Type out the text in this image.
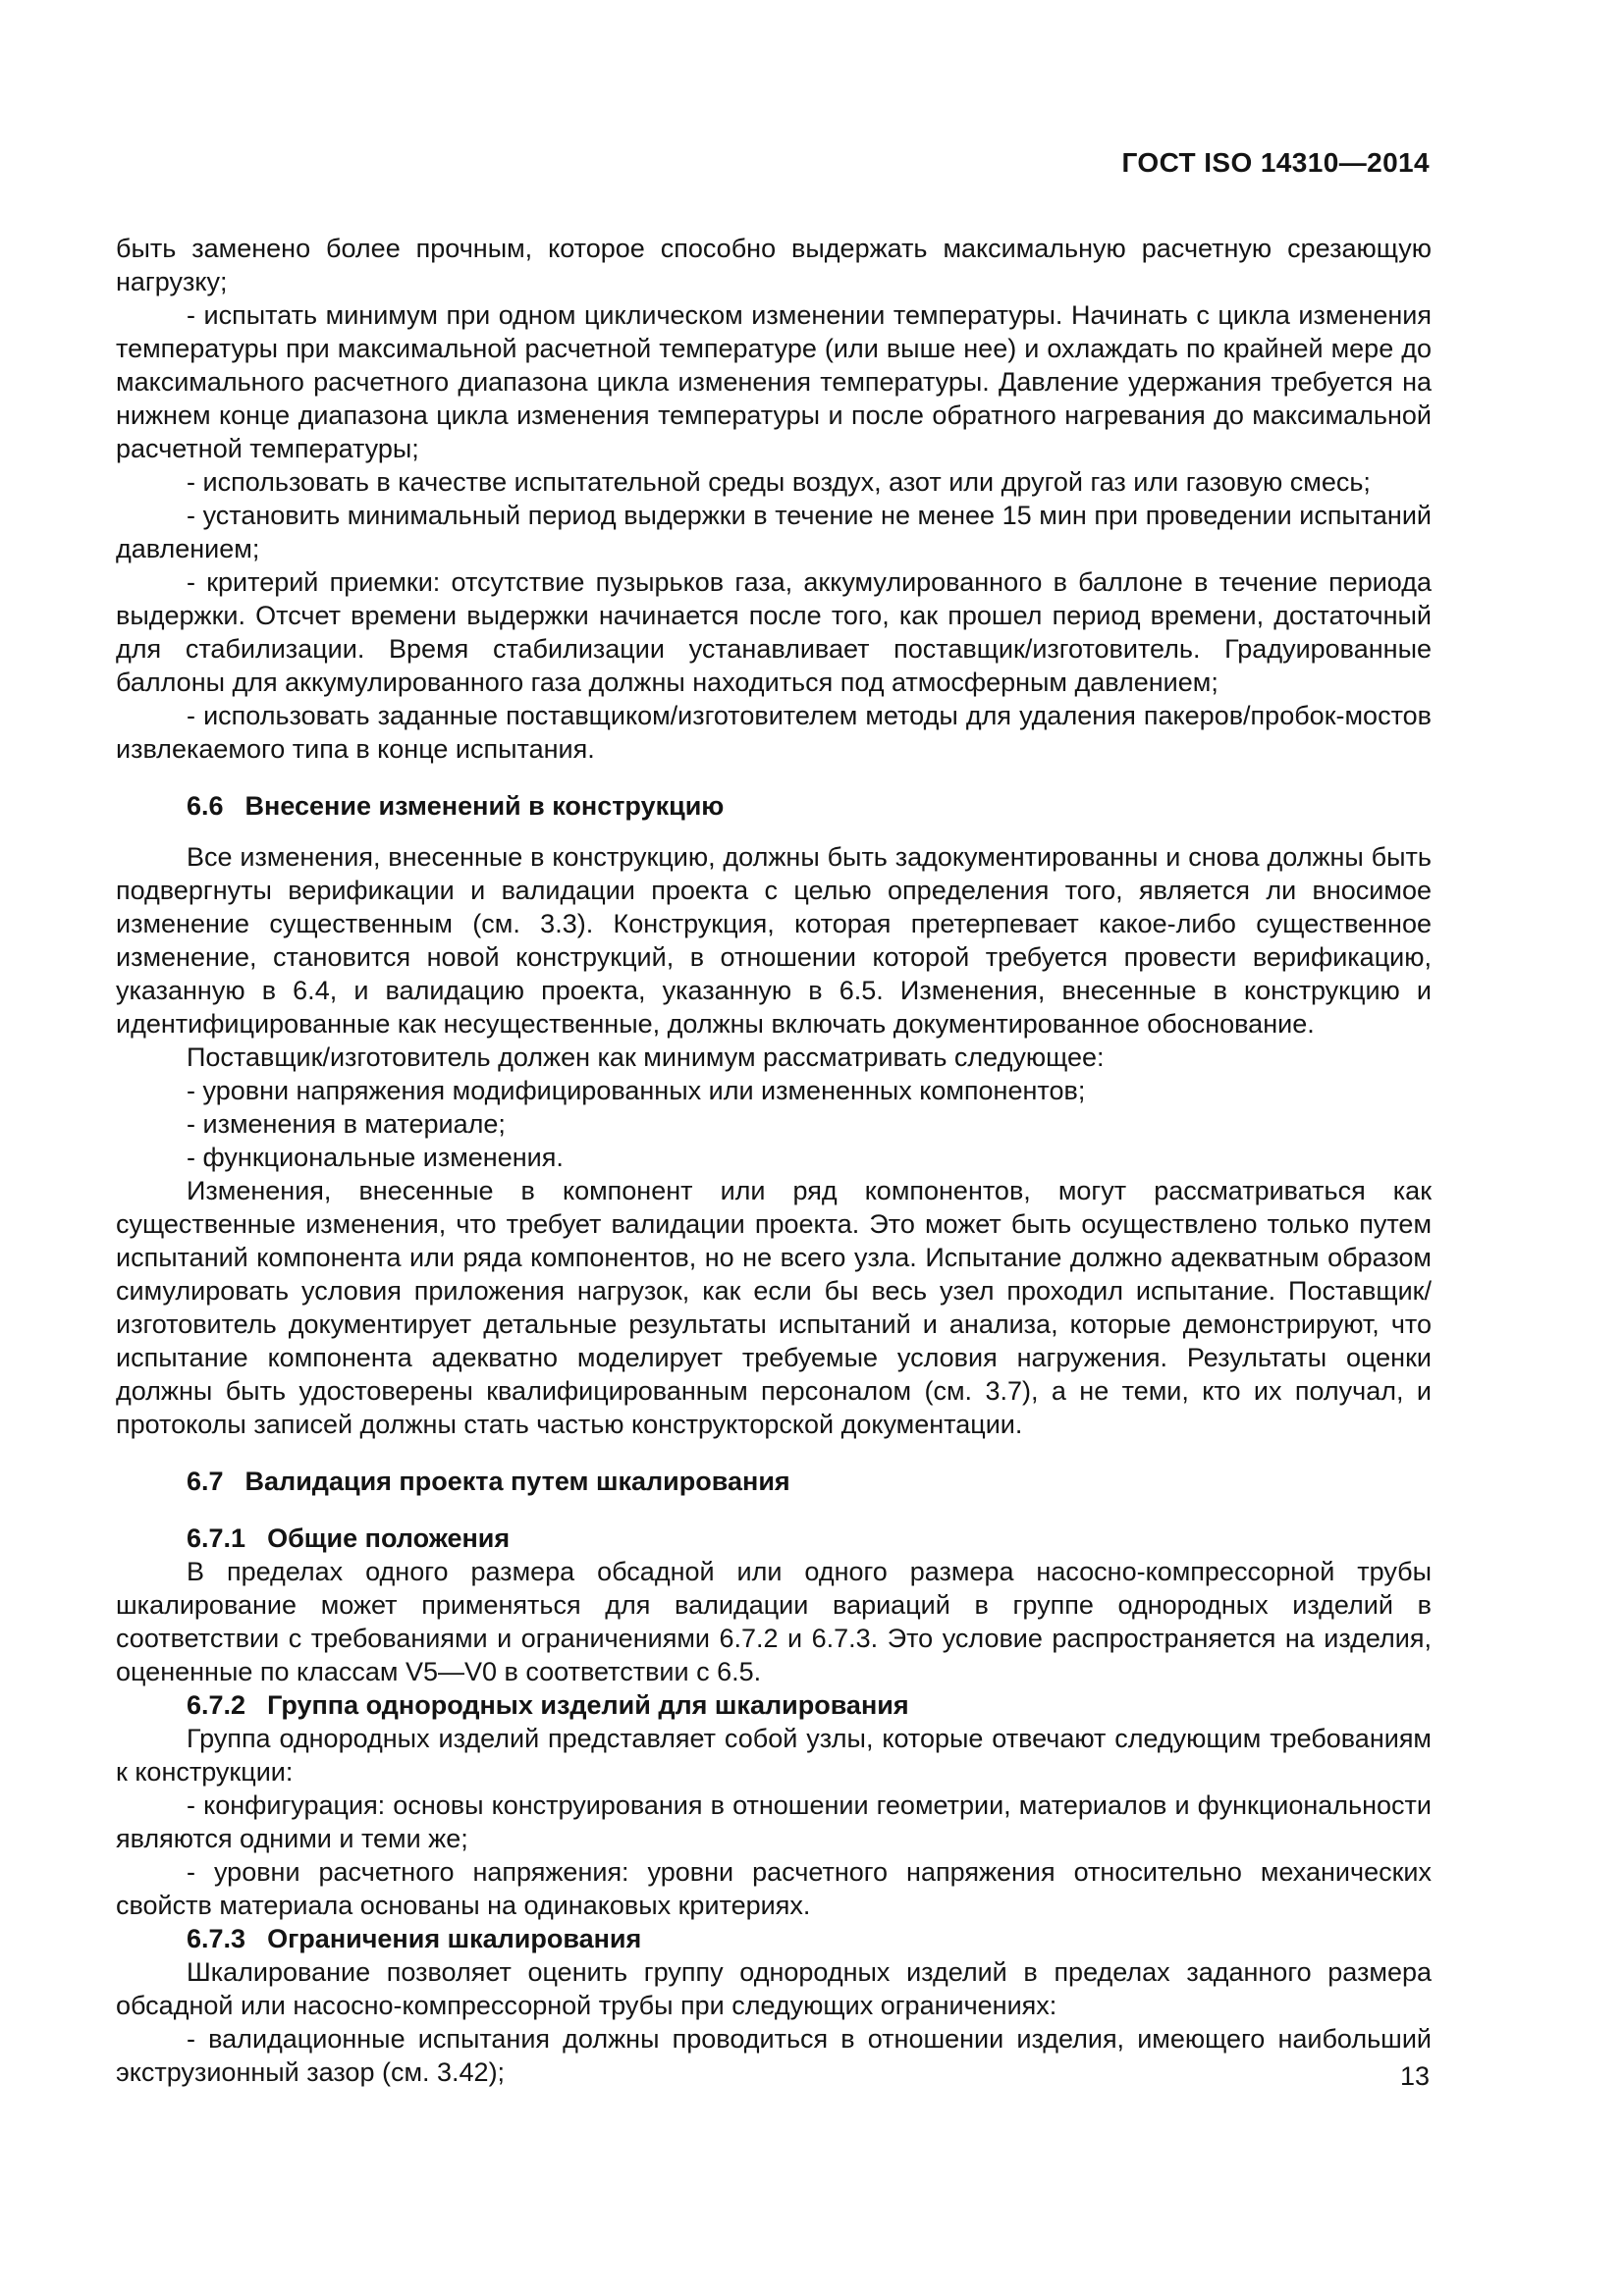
ГОСТ ISO 14310—2014

быть заменено более прочным, которое способно выдержать максимальную расчетную срезающую нагрузку;

- испытать минимум при одном циклическом изменении температуры. Начинать с цикла изменения температуры при максимальной расчетной температуре (или выше нее) и охлаждать по крайней мере до максимального расчетного диапазона цикла изменения температуры. Давление удержания требуется на нижнем конце диапазона цикла изменения температуры и после обратного нагревания до максимальной расчетной температуры;

- использовать в качестве испытательной среды воздух, азот или другой газ или газовую смесь;

- установить минимальный период выдержки в течение не менее 15 мин при проведении испытаний давлением;

- критерий приемки: отсутствие пузырьков газа, аккумулированного в баллоне в течение периода выдержки. Отсчет времени выдержки начинается после того, как прошел период времени, достаточный для стабилизации. Время стабилизации устанавливает поставщик/изготовитель. Градуированные баллоны для аккумулированного газа должны находиться под атмосферным давлением;

- использовать заданные поставщиком/изготовителем методы для удаления пакеров/пробок-мостов извлекаемого типа в конце испытания.

6.6 Внесение изменений в конструкцию

Все изменения, внесенные в конструкцию, должны быть задокументированны и снова должны быть подвергнуты верификации и валидации проекта с целью определения того, является ли вносимое изменение существенным (см. 3.3). Конструкция, которая претерпевает какое-либо существенное изменение, становится новой конструкций, в отношении которой требуется провести верификацию, указанную в 6.4, и валидацию проекта, указанную в 6.5. Изменения, внесенные в конструкцию и идентифицированные как несущественные, должны включать документированное обоснование.

Поставщик/изготовитель должен как минимум рассматривать следующее:

- уровни напряжения модифицированных или измененных компонентов;

- изменения в материале;

- функциональные изменения.

Изменения, внесенные в компонент или ряд компонентов, могут рассматриваться как существенные изменения, что требует валидации проекта. Это может быть осуществлено только путем испытаний компонента или ряда компонентов, но не всего узла. Испытание должно адекватным образом симулировать условия приложения нагрузок, как если бы весь узел проходил испытание. Поставщик/изготовитель документирует детальные результаты испытаний и анализа, которые демонстрируют, что испытание компонента адекватно моделирует требуемые условия нагружения. Результаты оценки должны быть удостоверены квалифицированным персоналом (см. 3.7), а не теми, кто их получал, и протоколы записей должны стать частью конструкторской документации.

6.7 Валидация проекта путем шкалирования

6.7.1 Общие положения

В пределах одного размера обсадной или одного размера насосно-компрессорной трубы шкалирование может применяться для валидации вариаций в группе однородных изделий в соответствии с требованиями и ограничениями 6.7.2 и 6.7.3. Это условие распространяется на изделия, оцененные по классам V5—V0 в соответствии с 6.5.

6.7.2 Группа однородных изделий для шкалирования

Группа однородных изделий представляет собой узлы, которые отвечают следующим требованиям к конструкции:

- конфигурация: основы конструирования в отношении геометрии, материалов и функциональности являются одними и теми же;

- уровни расчетного напряжения: уровни расчетного напряжения относительно механических свойств материала основаны на одинаковых критериях.

6.7.3 Ограничения шкалирования

Шкалирование позволяет оценить группу однородных изделий в пределах заданного размера обсадной или насосно-компрессорной трубы при следующих ограничениях:

- валидационные испытания должны проводиться в отношении изделия, имеющего наибольший экструзионный зазор (см. 3.42);	13
